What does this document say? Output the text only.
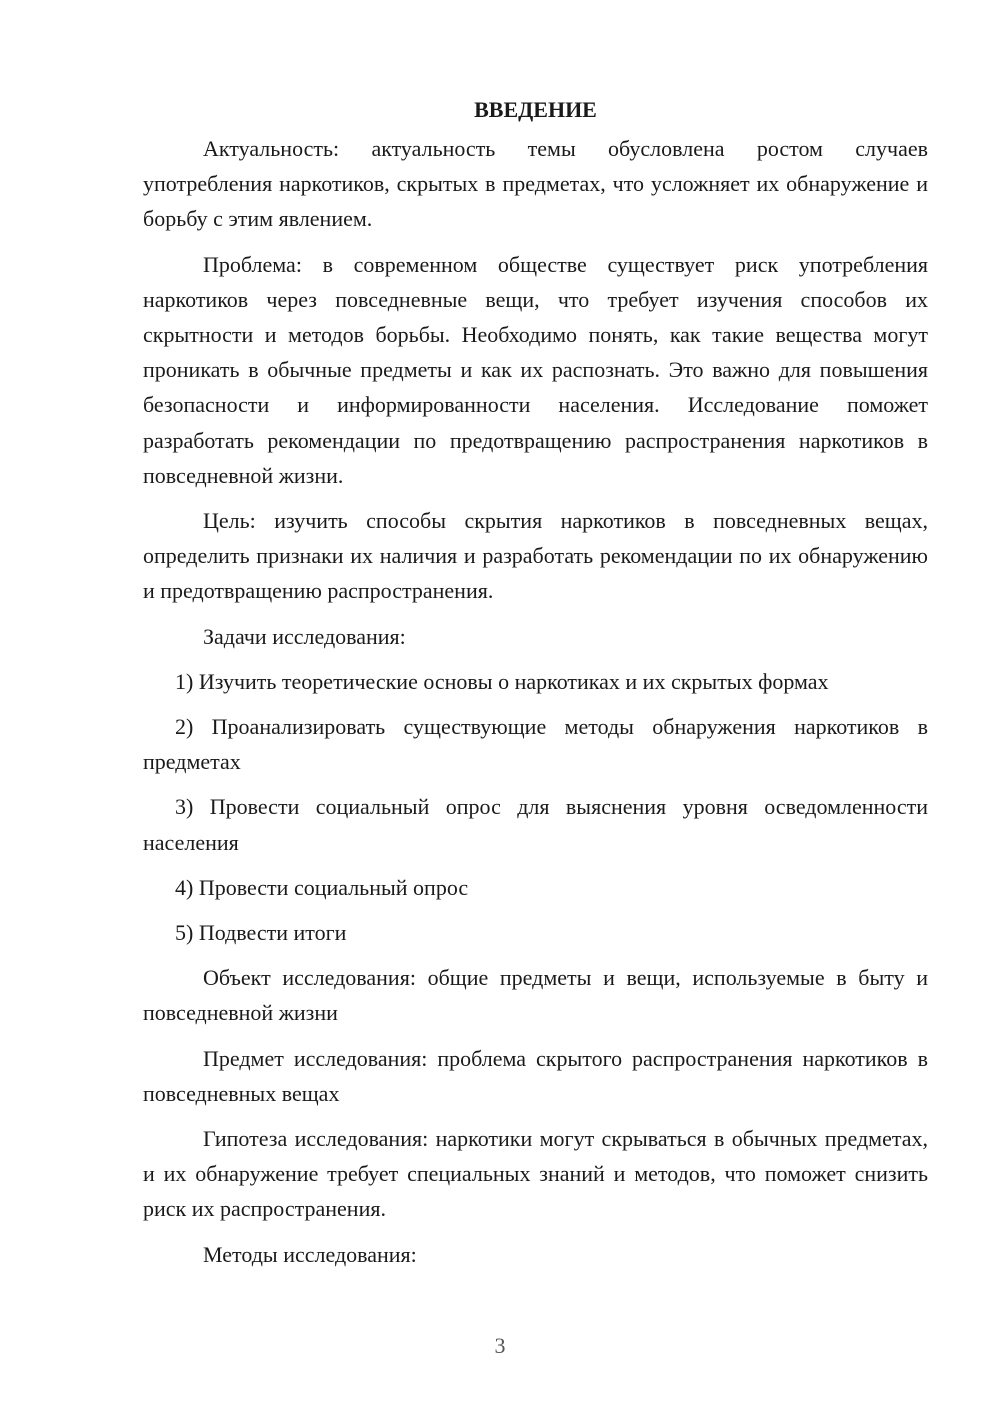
ВВЕДЕНИЕ

Актуальность: актуальность темы обусловлена ростом случаев употребления наркотиков, скрытых в предметах, что усложняет их обнаружение и борьбу с этим явлением.

Проблема: в современном обществе существует риск употребления наркотиков через повседневные вещи, что требует изучения способов их скрытности и методов борьбы. Необходимо понять, как такие вещества могут проникать в обычные предметы и как их распознать. Это важно для повышения безопасности и информированности населения. Исследование поможет разработать рекомендации по предотвращению распространения наркотиков в повседневной жизни.

Цель: изучить способы скрытия наркотиков в повседневных вещах, определить признаки их наличия и разработать рекомендации по их обнаружению и предотвращению распространения.

Задачи исследования:

1) Изучить теоретические основы о наркотиках и их скрытых формах

2) Проанализировать существующие методы обнаружения наркотиков в предметах

3) Провести социальный опрос для выяснения уровня осведомленности населения

4) Провести социальный опрос

5) Подвести итоги

Объект исследования: общие предметы и вещи, используемые в быту и повседневной жизни

Предмет исследования: проблема скрытого распространения наркотиков в повседневных вещах

Гипотеза исследования: наркотики могут скрываться в обычных предметах, и их обнаружение требует специальных знаний и методов, что поможет снизить риск их распространения.

Методы исследования:

3
